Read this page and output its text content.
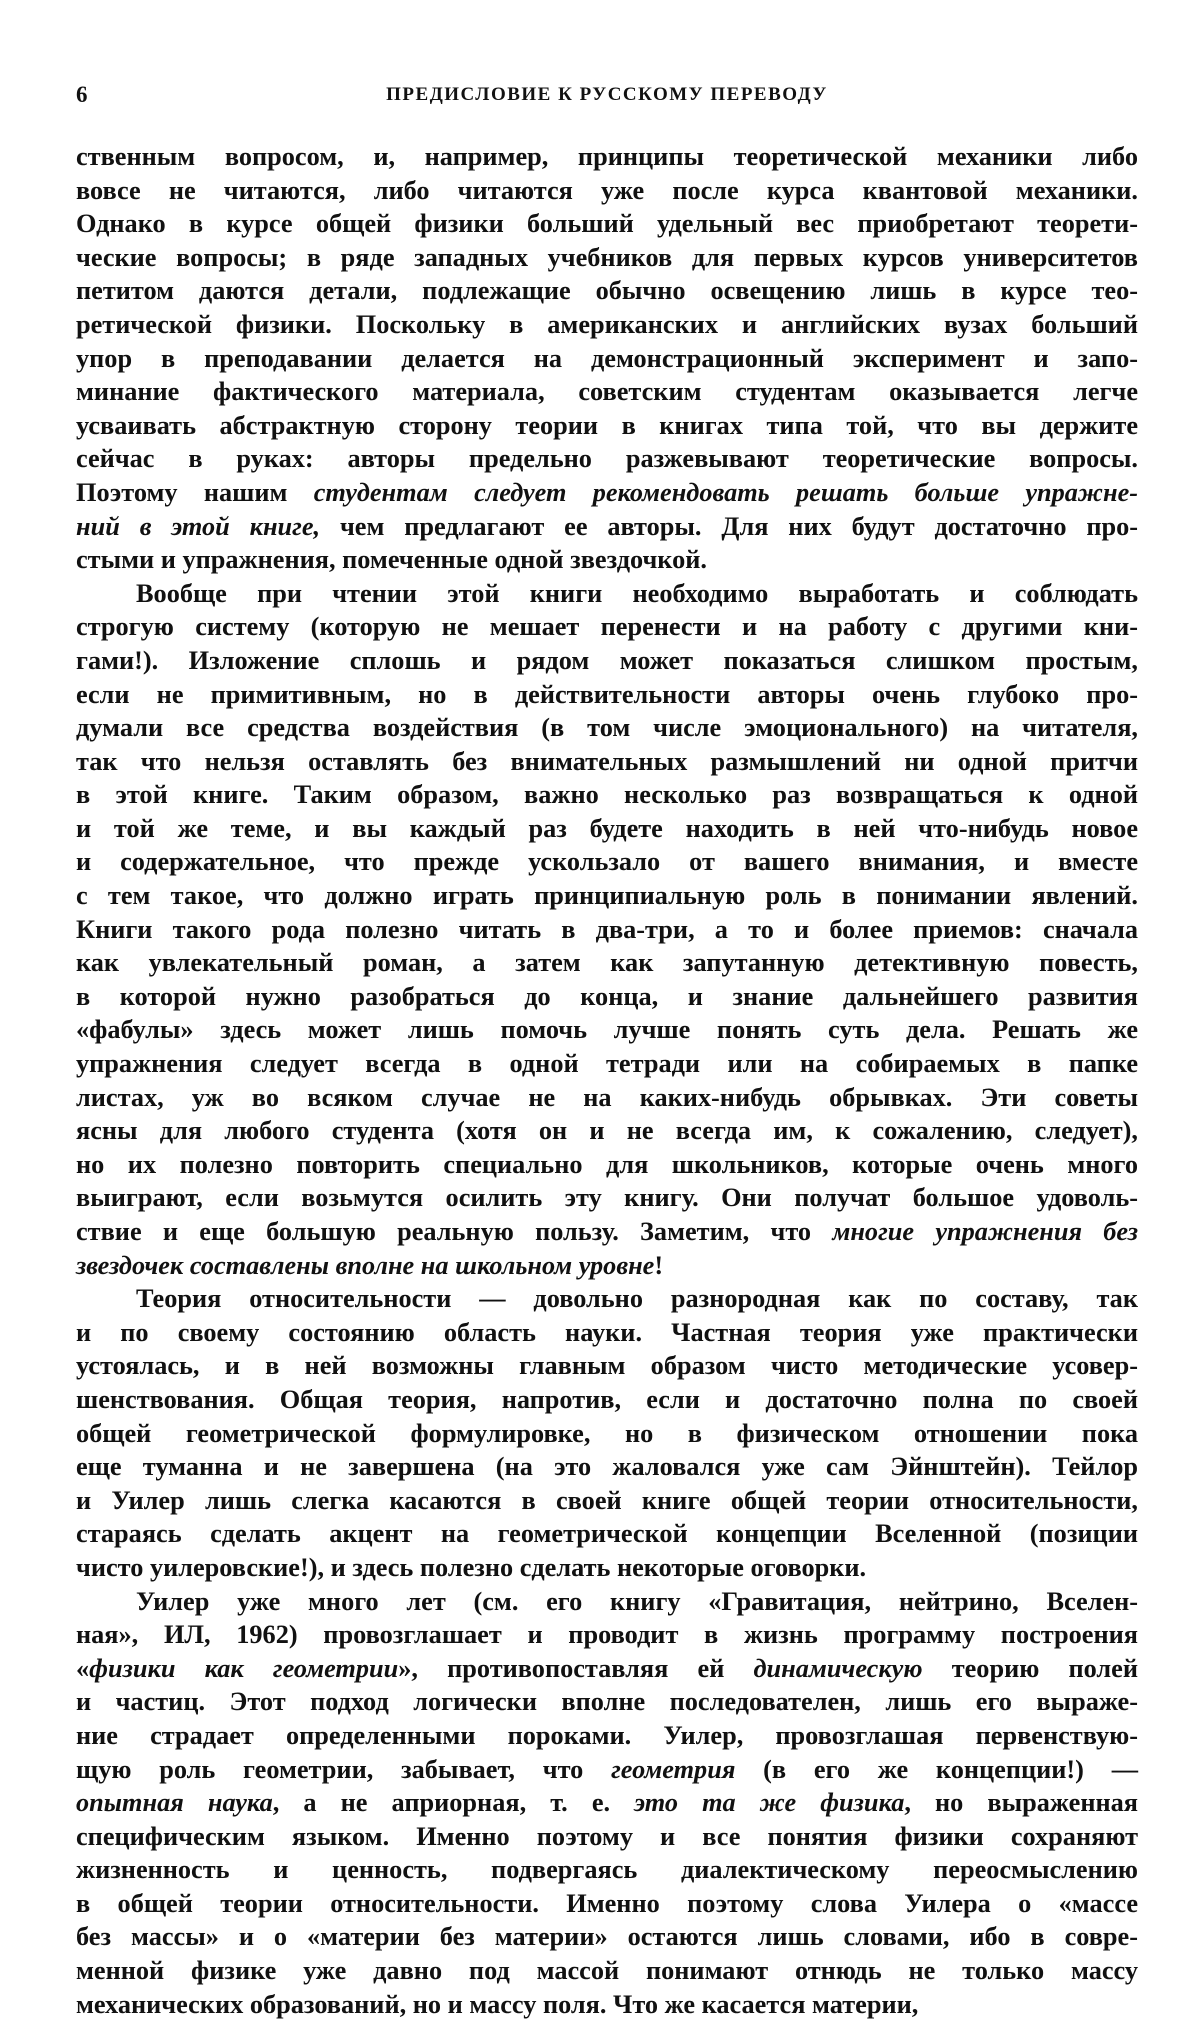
6	ПРЕДИСЛОВИЕ К РУССКОМУ ПЕРЕВОДУ
ственным вопросом, и, например, принципы теоретической механики либо
вовсе не читаются, либо читаются уже после курса квантовой механики.
Однако в курсе общей физики больший удельный вес приобретают теорети-
ческие вопросы; в ряде западных учебников для первых курсов университетов
петитом даются детали, подлежащие обычно освещению лишь в курсе тео-
ретической физики. Поскольку в американских и английских вузах больший
упор в преподавании делается на демонстрационный эксперимент и запо-
минание фактического материала, советским студентам оказывается легче
усваивать абстрактную сторону теории в книгах типа той, что вы держите
сейчас в руках: авторы предельно разжевывают теоретические вопросы.
Поэтому нашим студентам следует рекомендовать решать больше упражне-
ний в этой книге, чем предлагают ее авторы. Для них будут достаточно про-
стыми и упражнения, помеченные одной звездочкой.
Вообще при чтении этой книги необходимо выработать и соблюдать
строгую систему (которую не мешает перенести и на работу с другими кни-
гами!). Изложение сплошь и рядом может показаться слишком простым,
если не примитивным, но в действительности авторы очень глубоко про-
думали все средства воздействия (в том числе эмоционального) на читателя,
так что нельзя оставлять без внимательных размышлений ни одной притчи
в этой книге. Таким образом, важно несколько раз возвращаться к одной
и той же теме, и вы каждый раз будете находить в ней что-нибудь новое
и содержательное, что прежде ускользало от вашего внимания, и вместе
с тем такое, что должно играть принципиальную роль в понимании явлений.
Книги такого рода полезно читать в два-три, а то и более приемов: сначала
как увлекательный роман, а затем как запутанную детективную повесть,
в которой нужно разобраться до конца, и знание дальнейшего развития
«фабулы» здесь может лишь помочь лучше понять суть дела. Решать же
упражнения следует всегда в одной тетради или на собираемых в папке
листах, уж во всяком случае не на каких-нибудь обрывках. Эти советы
ясны для любого студента (хотя он и не всегда им, к сожалению, следует),
но их полезно повторить специально для школьников, которые очень много
выиграют, если возьмутся осилить эту книгу. Они получат большое удоволь-
ствие и еще большую реальную пользу. Заметим, что многие упражнения без
звездочек составлены вполне на школьном уровне!
Теория относительности — довольно разнородная как по составу, так
и по своему состоянию область науки. Частная теория уже практически
устоялась, и в ней возможны главным образом чисто методические усовер-
шенствования. Общая теория, напротив, если и достаточно полна по своей
общей геометрической формулировке, но в физическом отношении пока
еще туманна и не завершена (на это жаловался уже сам Эйнштейн). Тейлор
и Уилер лишь слегка касаются в своей книге общей теории относительности,
стараясь сделать акцент на геометрической концепции Вселенной (позиции
чисто уилеровские!), и здесь полезно сделать некоторые оговорки.
Уилер уже много лет (см. его книгу «Гравитация, нейтрино, Вселен-
ная», ИЛ, 1962) провозглашает и проводит в жизнь программу построения
«физики как геометрии», противопоставляя ей динамическую теорию полей
и частиц. Этот подход логически вполне последователен, лишь его выраже-
ние страдает определенными пороками. Уилер, провозглашая первенствую-
щую роль геометрии, забывает, что геометрия (в его же концепции!) —
опытная наука, а не априорная, т. е. это та же физика, но выраженная
специфическим языком. Именно поэтому и все понятия физики сохраняют
жизненность и ценность, подвергаясь диалектическому переосмыслению
в общей теории относительности. Именно поэтому слова Уилера о «массе
без массы» и о «материи без материи» остаются лишь словами, ибо в совре-
менной физике уже давно под массой понимают отнюдь не только массу
механических образований, но и массу поля. Что же касается материи,
